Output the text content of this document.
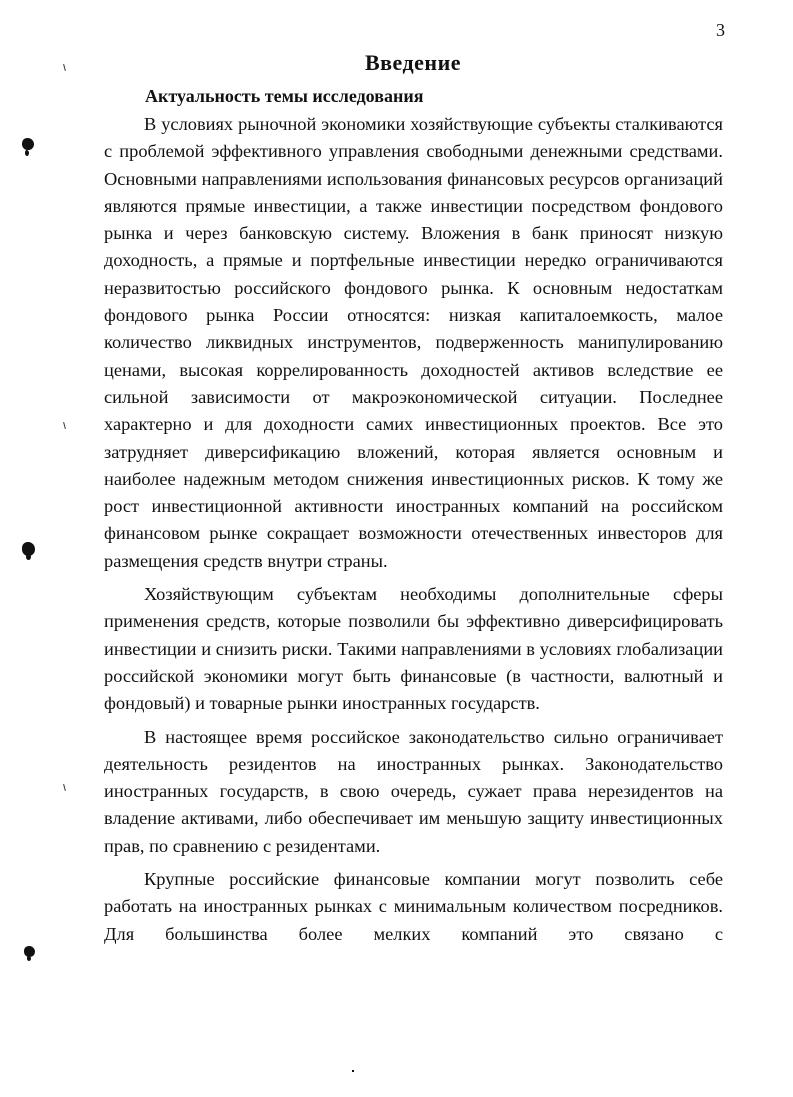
3
Введение
Актуальность темы исследования

В условиях рыночной экономики хозяйствующие субъекты сталкиваются с проблемой эффективного управления свободными денежными средствами. Основными направлениями использования финансовых ресурсов организаций являются прямые инвестиции, а также инвестиции посредством фондового рынка и через банковскую систему. Вложения в банк приносят низкую доходность, а прямые и портфельные инвестиции нередко ограничиваются неразвитостью российского фондового рынка. К основным недостаткам фондового рынка России относятся: низкая капиталоемкость, малое количество ликвидных инструментов, подверженность манипулированию ценами, высокая коррелированность доходностей активов вследствие ее сильной зависимости от макроэкономической ситуации. Последнее характерно и для доходности самих инвестиционных проектов. Все это затрудняет диверсификацию вложений, которая является основным и наиболее надежным методом снижения инвестиционных рисков. К тому же рост инвестиционной активности иностранных компаний на российском финансовом рынке сокращает возможности отечественных инвесторов для размещения средств внутри страны.

Хозяйствующим субъектам необходимы дополнительные сферы применения средств, которые позволили бы эффективно диверсифицировать инвестиции и снизить риски. Такими направлениями в условиях глобализации российской экономики могут быть финансовые (в частности, валютный и фондовый) и товарные рынки иностранных государств.

В настоящее время российское законодательство сильно ограничивает деятельность резидентов на иностранных рынках. Законодательство иностранных государств, в свою очередь, сужает права нерезидентов на владение активами, либо обеспечивает им меньшую защиту инвестиционных прав, по сравнению с резидентами.

Крупные российские финансовые компании могут позволить себе работать на иностранных рынках с минимальным количеством посредников. Для большинства более мелких компаний это связано с
